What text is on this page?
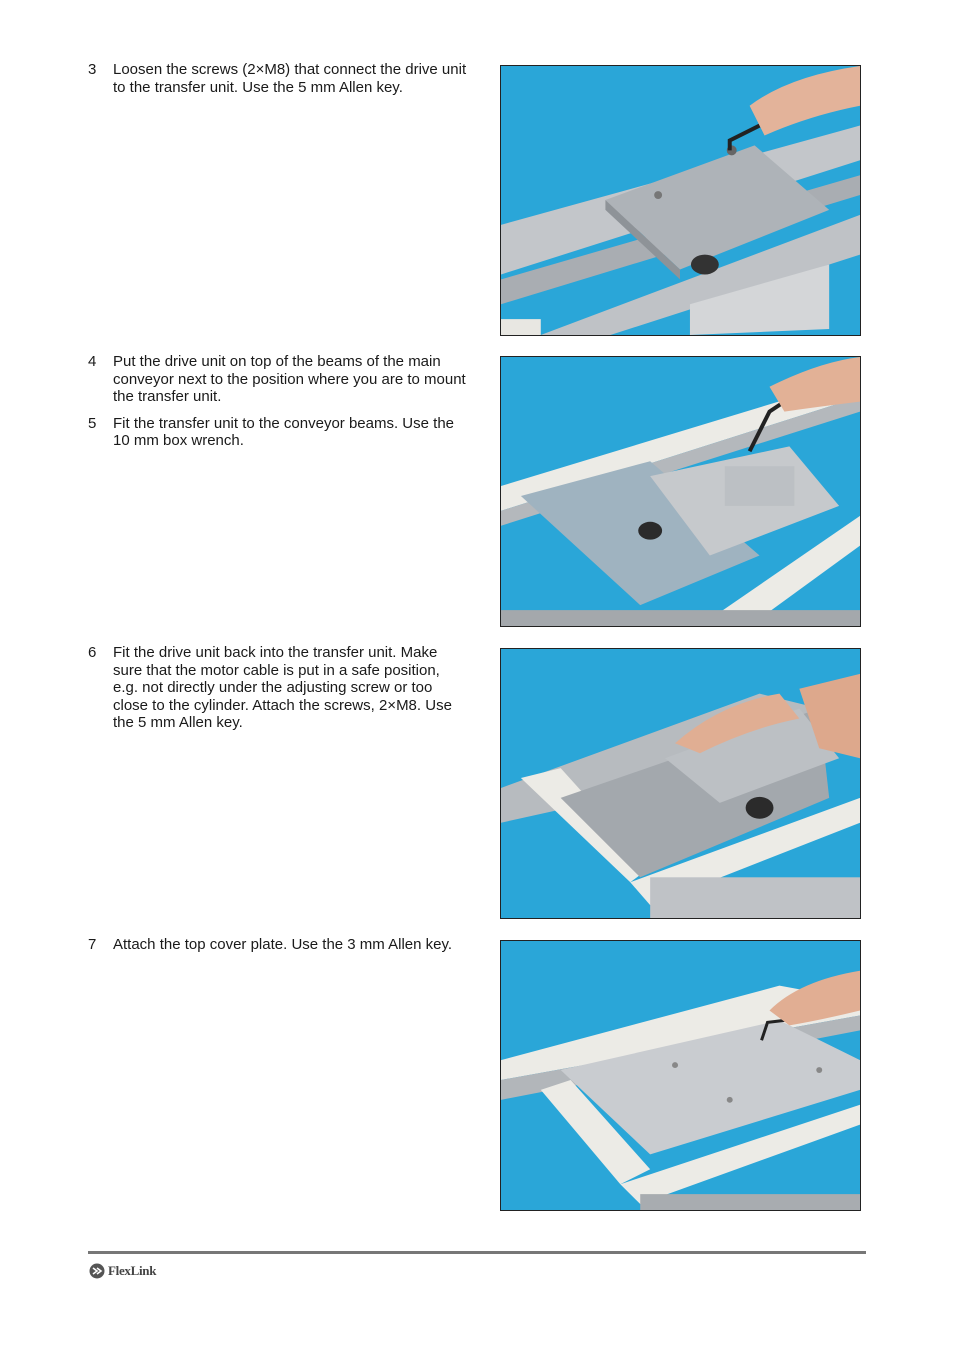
3	Loosen the screws (2×M8) that connect the drive unit to the transfer unit. Use the 5 mm Allen key.
4	Put the drive unit on top of the beams of the main conveyor next to the position where you are to mount the transfer unit.
5	Fit the transfer unit to the conveyor beams. Use the 10 mm box wrench.
6	Fit the drive unit back into the transfer unit. Make sure that the motor cable is put in a safe position, e.g. not directly under the adjusting screw or too close to the cylinder. Attach the screws, 2×M8. Use the 5 mm Allen key.
7	Attach the top cover plate. Use the 3 mm Allen key.
FlexLink
